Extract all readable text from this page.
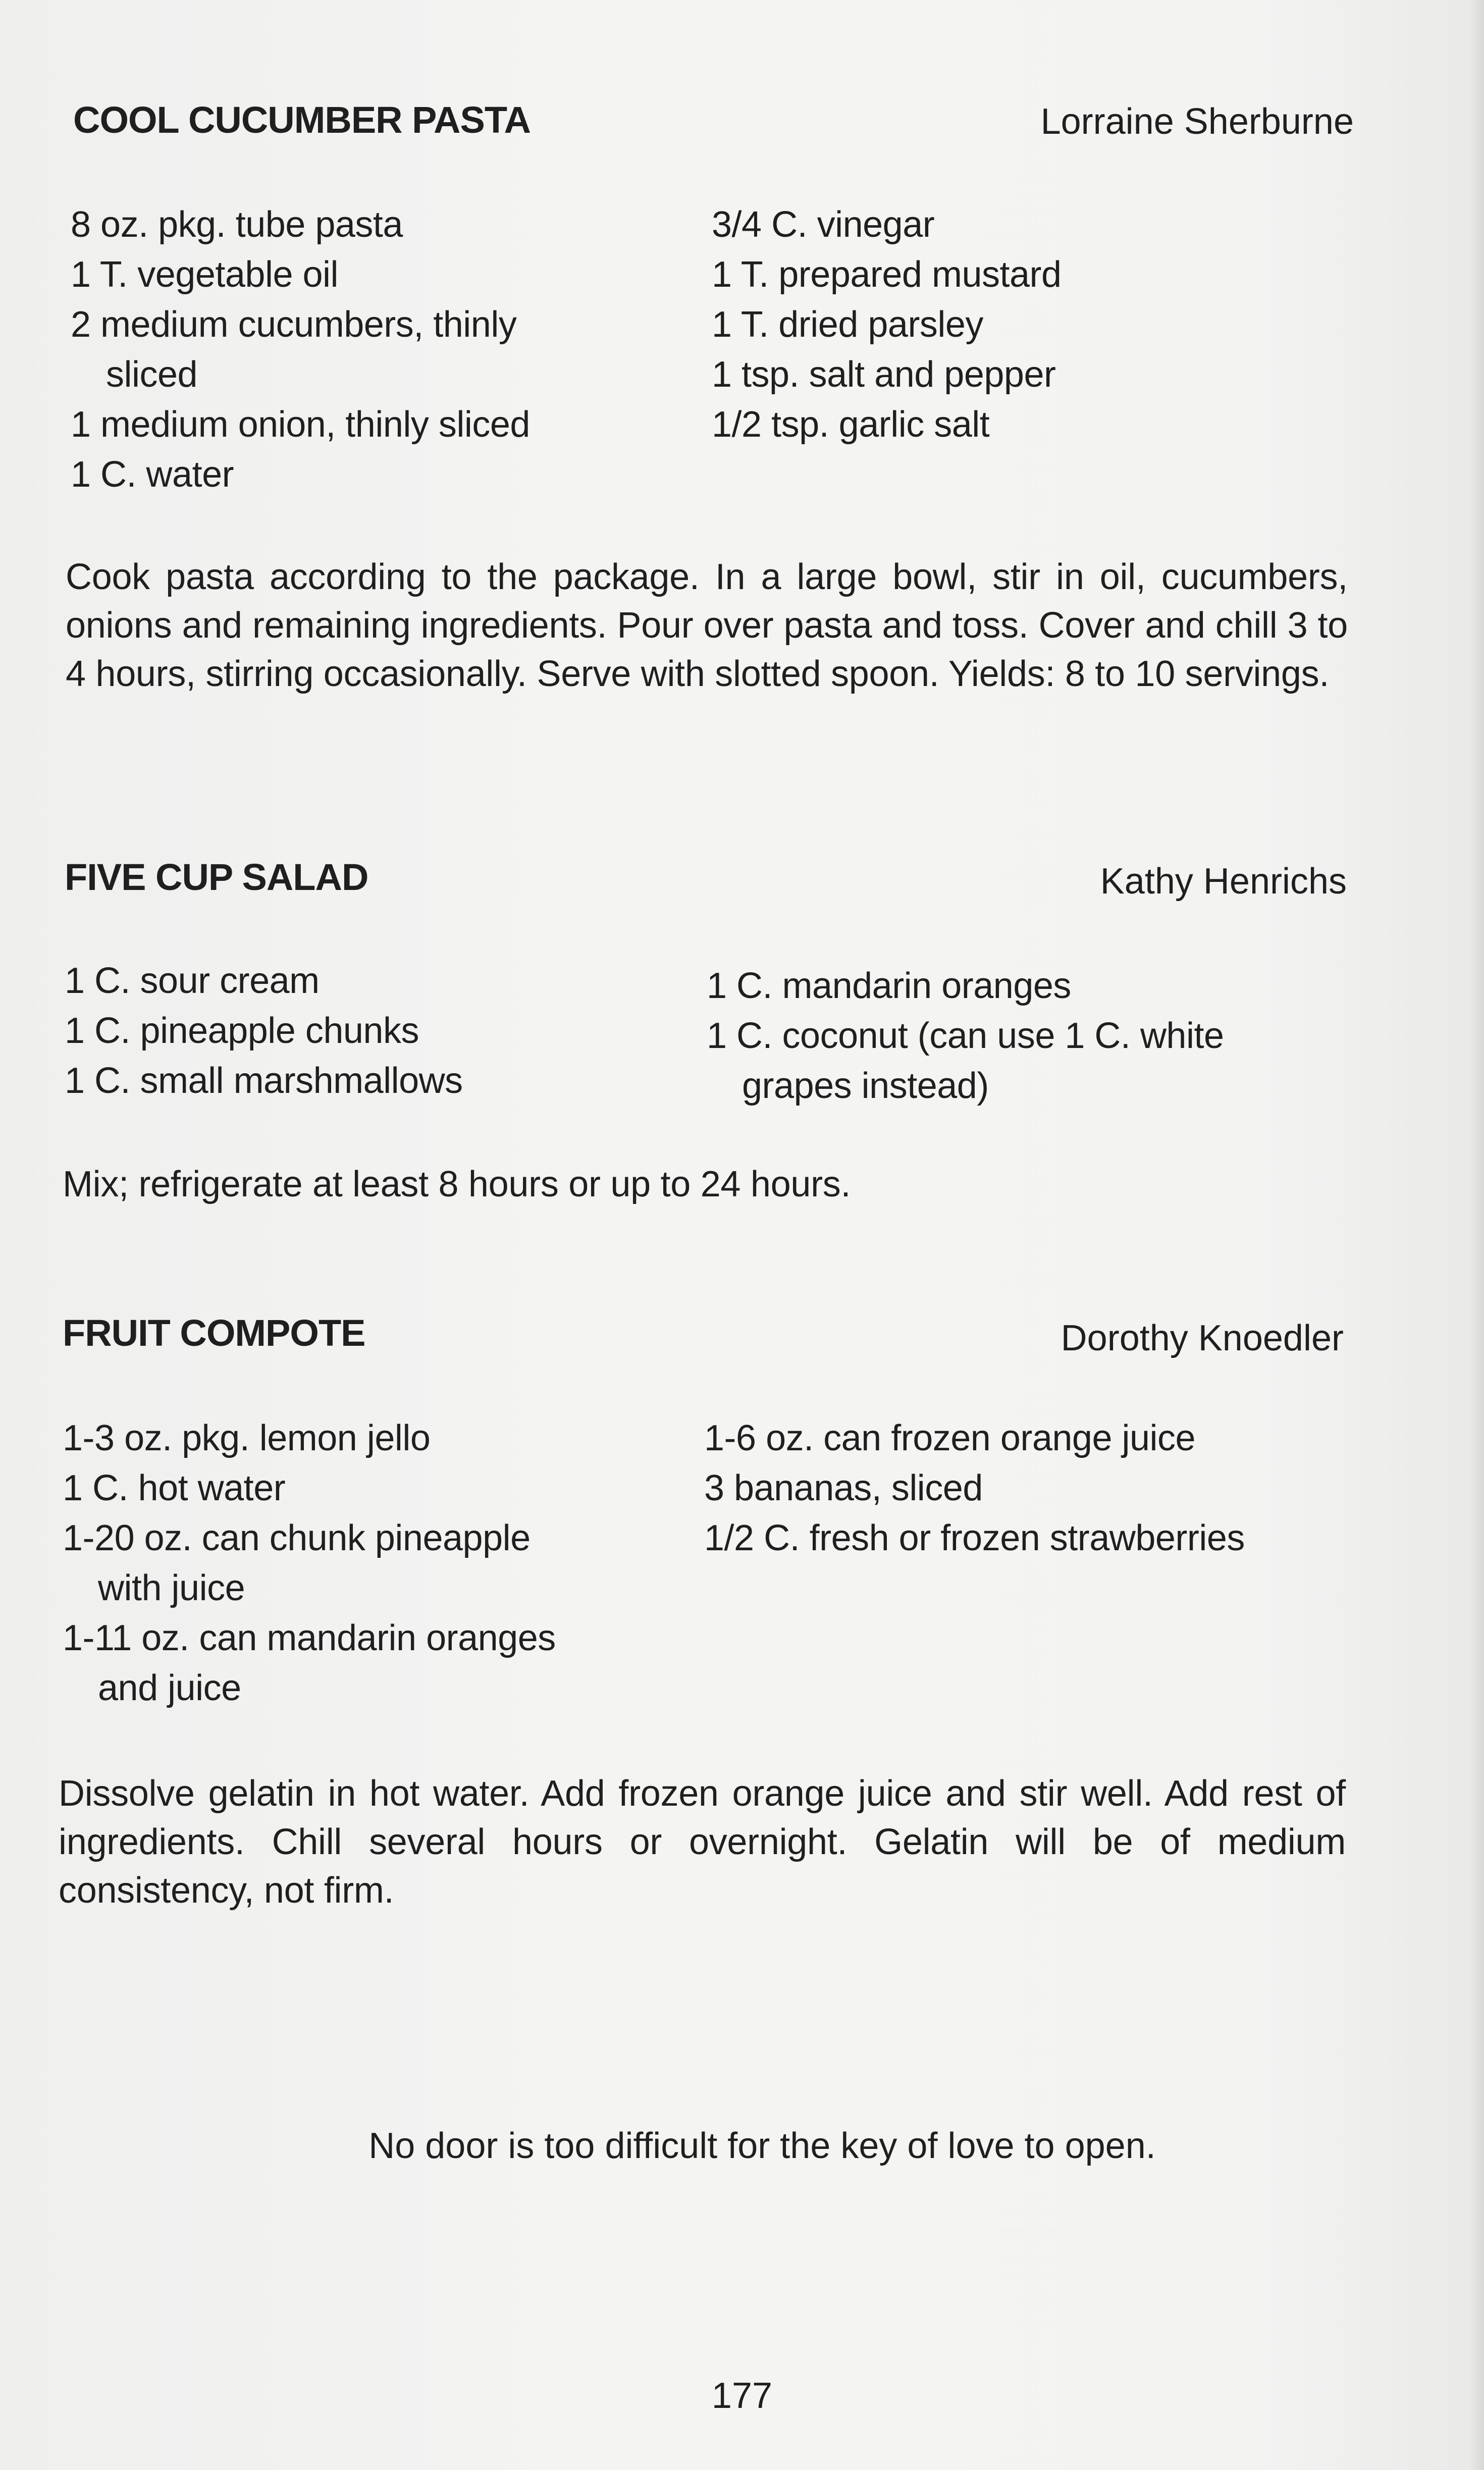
COOL CUCUMBER PASTA	Lorraine Sherburne
8 oz. pkg. tube pasta
1 T. vegetable oil
2 medium cucumbers, thinly
sliced
1 medium onion, thinly sliced
1 C. water
3/4 C. vinegar
1 T. prepared mustard
1 T. dried parsley
1 tsp. salt and pepper
1/2 tsp. garlic salt
Cook pasta according to the package. In a large bowl, stir in oil, cucumbers, onions and remaining ingredients. Pour over pasta and toss. Cover and chill 3 to 4 hours, stirring occasionally. Serve with slotted spoon. Yields: 8 to 10 servings.
FIVE CUP SALAD	Kathy Henrichs
1 C. sour cream
1 C. pineapple chunks
1 C. small marshmallows
1 C. mandarin oranges
1 C. coconut (can use 1 C. white
grapes instead)
Mix; refrigerate at least 8 hours or up to 24 hours.
FRUIT COMPOTE	Dorothy Knoedler
1-3 oz. pkg. lemon jello
1 C. hot water
1-20 oz. can chunk pineapple
with juice
1-11 oz. can mandarin oranges
and juice
1-6 oz. can frozen orange juice
3 bananas, sliced
1/2 C. fresh or frozen strawberries
Dissolve gelatin in hot water. Add frozen orange juice and stir well. Add rest of ingredients. Chill several hours or overnight. Gelatin will be of medium consistency, not firm.
No door is too difficult for the key of love to open.
177
